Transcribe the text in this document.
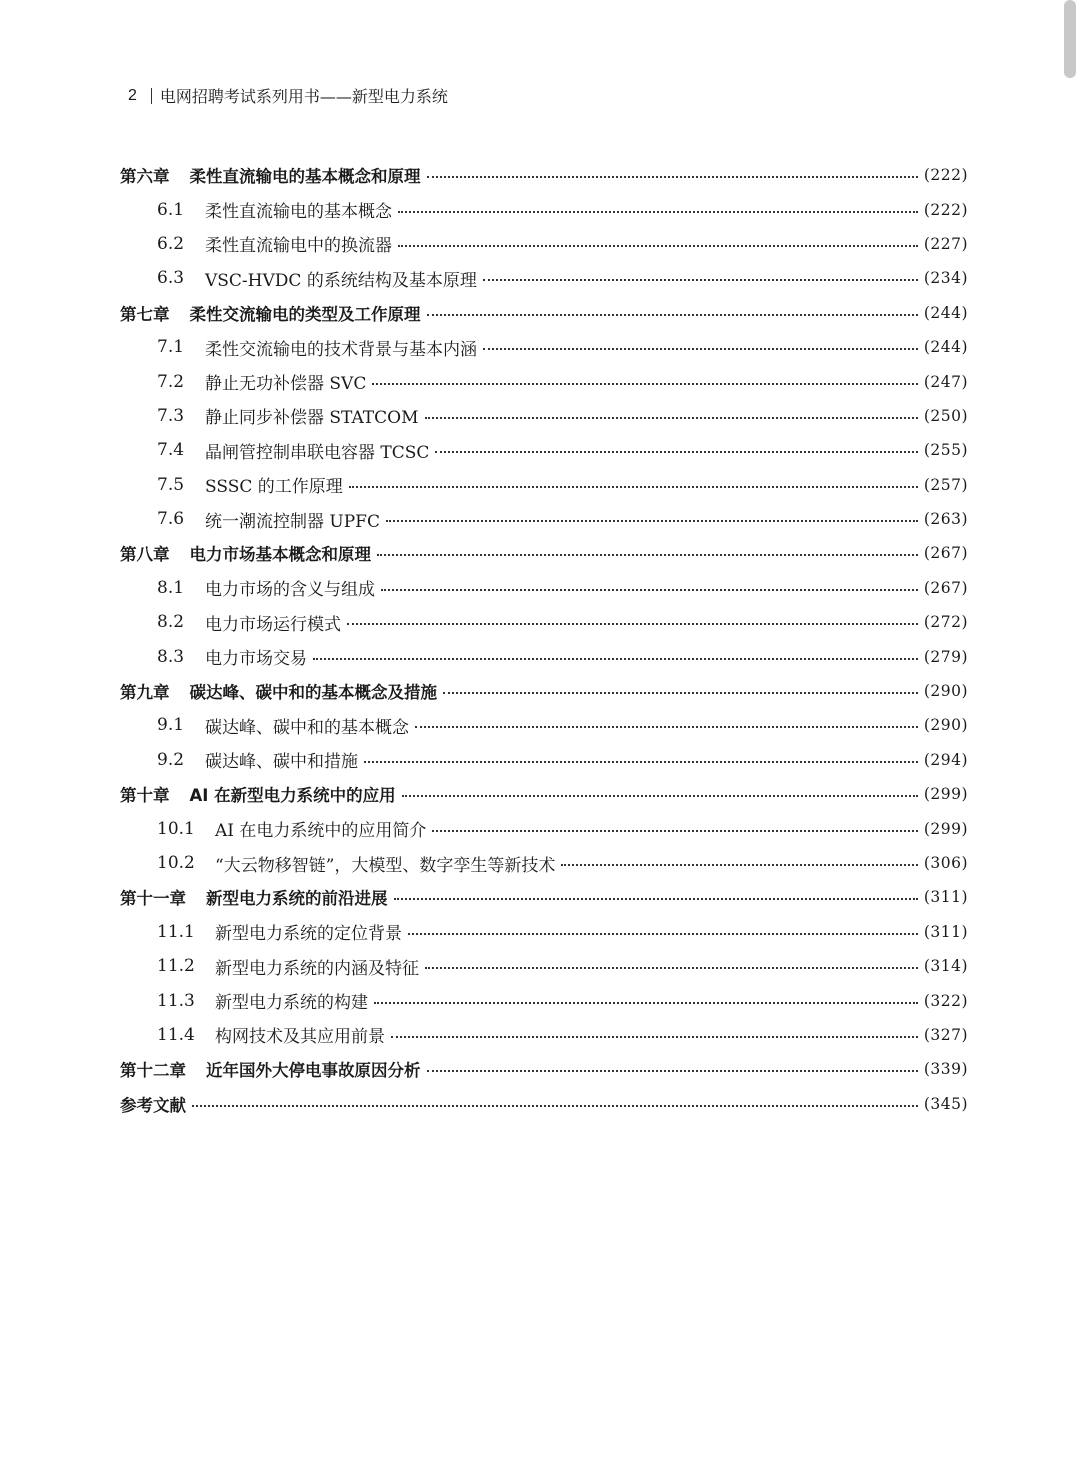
2 电网招聘考试系列用书——新型电力系统
第六章 柔性直流输电的基本概念和原理	(222)
6.1	柔性直流输电的基本概念	(222)
6.2	柔性直流输电中的换流器	(227)
6.3	VSC-HVDC 的系统结构及基本原理	(234)
第七章 柔性交流输电的类型及工作原理	(244)
7.1	柔性交流输电的技术背景与基本内涵	(244)
7.2	静止无功补偿器 SVC	(247)
7.3	静止同步补偿器 STATCOM	(250)
7.4	晶闸管控制串联电容器 TCSC	(255)
7.5	SSSC 的工作原理	(257)
7.6	统一潮流控制器 UPFC	(263)
第八章 电力市场基本概念和原理	(267)
8.1	电力市场的含义与组成	(267)
8.2	电力市场运行模式	(272)
8.3	电力市场交易	(279)
第九章 碳达峰、碳中和的基本概念及措施	(290)
9.1	碳达峰、碳中和的基本概念	(290)
9.2	碳达峰、碳中和措施	(294)
第十章 AI 在新型电力系统中的应用	(299)
10.1	AI 在电力系统中的应用简介	(299)
10.2	“大云物移智链”，大模型、数字孪生等新技术	(306)
第十一章 新型电力系统的前沿进展	(311)
11.1	新型电力系统的定位背景	(311)
11.2	新型电力系统的内涵及特征	(314)
11.3	新型电力系统的构建	(322)
11.4	构网技术及其应用前景	(327)
第十二章 近年国外大停电事故原因分析	(339)
参考文献	(345)
